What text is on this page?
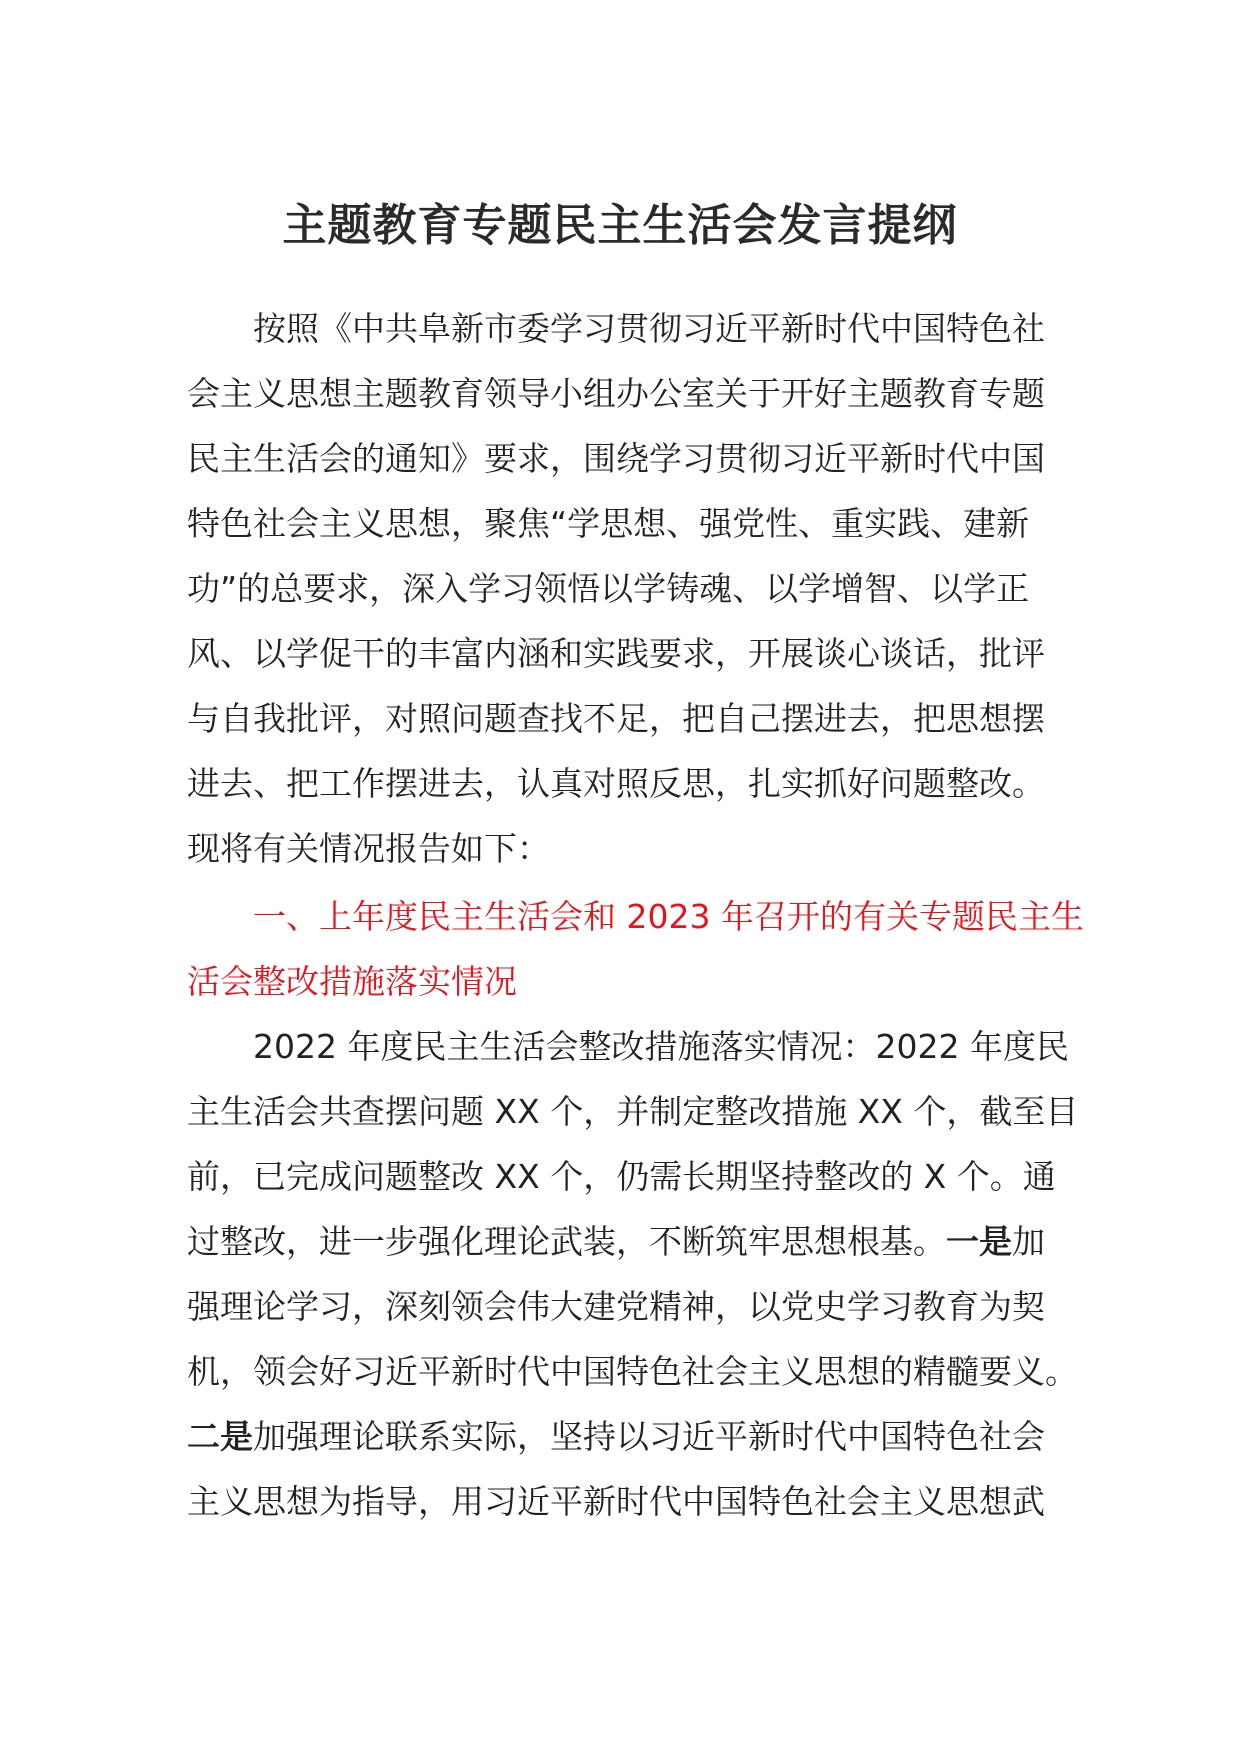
主题教育专题民主生活会发言提纲
　　按照《中共阜新市委学习贯彻习近平新时代中国特色社
会主义思想主题教育领导小组办公室关于开好主题教育专题
民主生活会的通知》要求，围绕学习贯彻习近平新时代中国
特色社会主义思想，聚焦“学思想、强党性、重实践、建新
功”的总要求，深入学习领悟以学铸魂、以学增智、以学正
风、以学促干的丰富内涵和实践要求，开展谈心谈话，批评
与自我批评，对照问题查找不足，把自己摆进去，把思想摆
进去、把工作摆进去，认真对照反思，扎实抓好问题整改。
现将有关情况报告如下：
　　一、上年度民主生活会和 2023 年召开的有关专题民主生
活会整改措施落实情况
　　2022 年度民主生活会整改措施落实情况：2022 年度民
主生活会共查摆问题 XX 个，并制定整改措施 XX 个，截至目
前，已完成问题整改 XX 个，仍需长期坚持整改的 X 个。通
过整改，进一步强化理论武装，不断筑牢思想根基。一是加
强理论学习，深刻领会伟大建党精神，以党史学习教育为契
机，领会好习近平新时代中国特色社会主义思想的精髓要义。
二是加强理论联系实际，坚持以习近平新时代中国特色社会
主义思想为指导，用习近平新时代中国特色社会主义思想武
